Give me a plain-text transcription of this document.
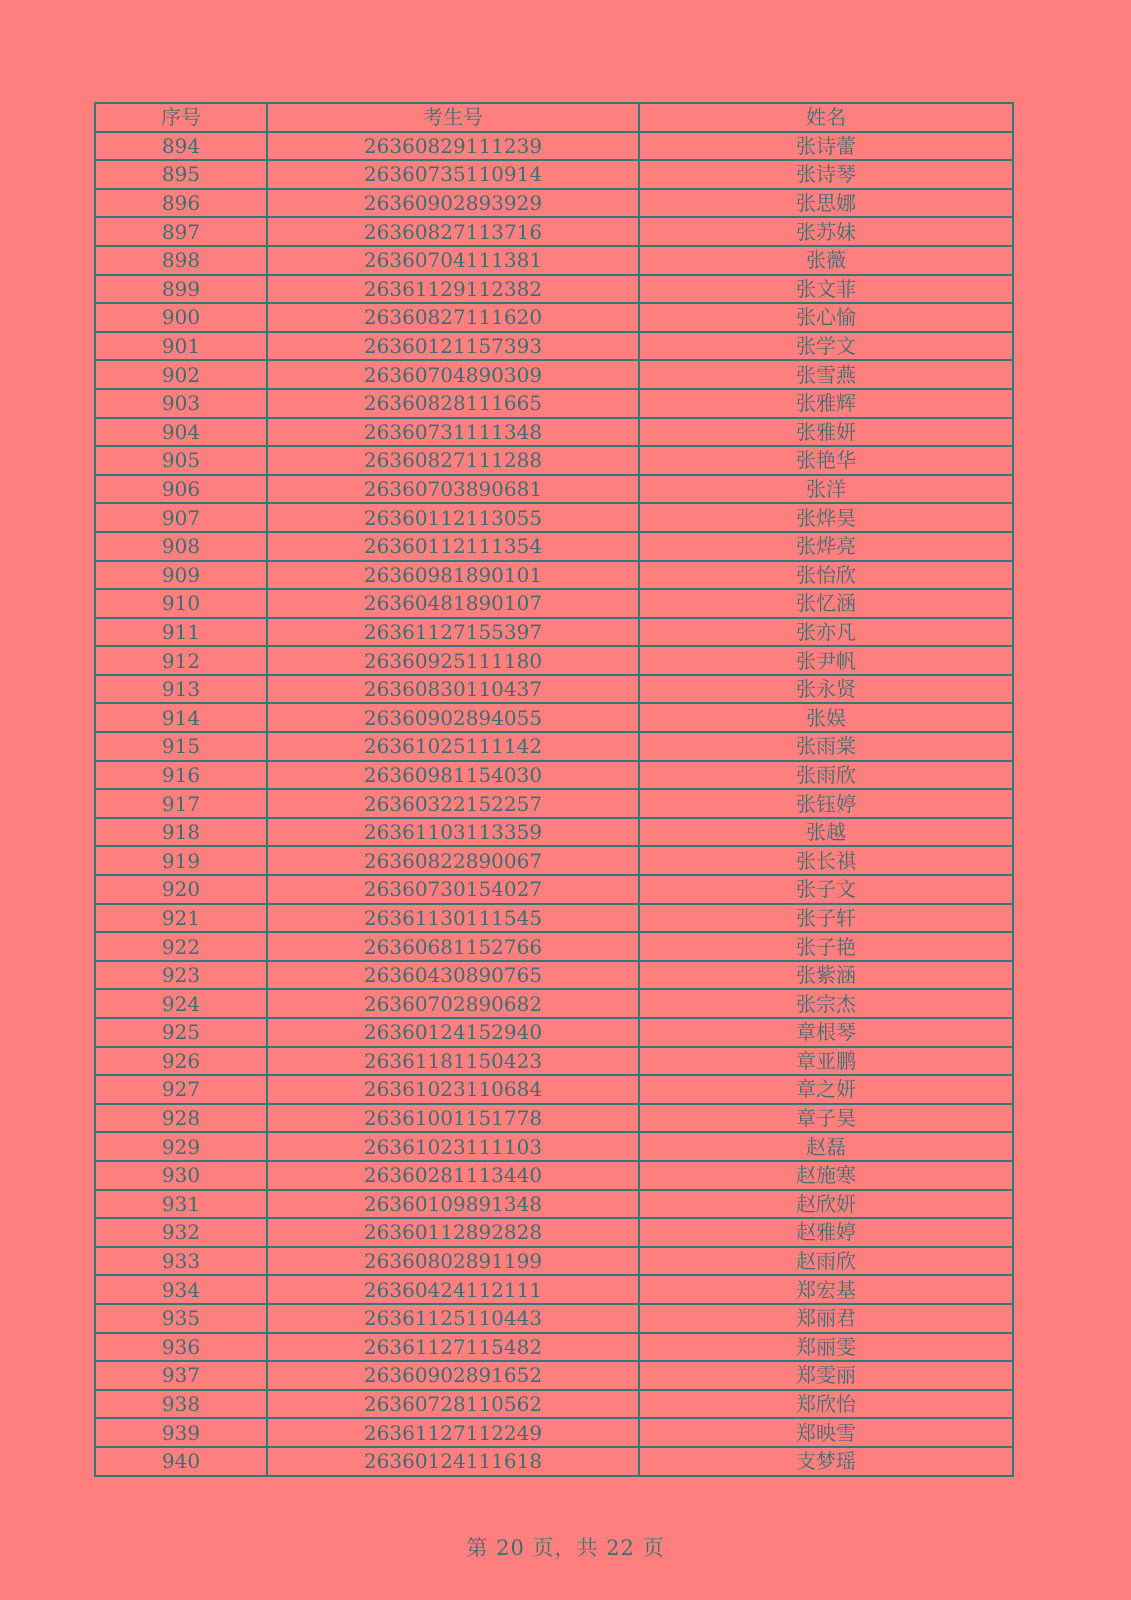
序号	考生号	姓名
894	26360829111239	张诗蕾
895	26360735110914	张诗琴
896	26360902893929	张思娜
897	26360827113716	张苏妹
898	26360704111381	张薇
899	26361129112382	张文菲
900	26360827111620	张心愉
901	26360121157393	张学文
902	26360704890309	张雪燕
903	26360828111665	张雅辉
904	26360731111348	张雅妍
905	26360827111288	张艳华
906	26360703890681	张洋
907	26360112113055	张烨昊
908	26360112111354	张烨亮
909	26360981890101	张怡欣
910	26360481890107	张忆涵
911	26361127155397	张亦凡
912	26360925111180	张尹帆
913	26360830110437	张永贤
914	26360902894055	张娱
915	26361025111142	张雨棠
916	26360981154030	张雨欣
917	26360322152257	张钰婷
918	26361103113359	张越
919	26360822890067	张长祺
920	26360730154027	张子文
921	26361130111545	张子轩
922	26360681152766	张子艳
923	26360430890765	张紫涵
924	26360702890682	张宗杰
925	26360124152940	章根琴
926	26361181150423	章亚鹏
927	26361023110684	章之妍
928	26361001151778	章子昊
929	26361023111103	赵磊
930	26360281113440	赵施寒
931	26360109891348	赵欣妍
932	26360112892828	赵雅婷
933	26360802891199	赵雨欣
934	26360424112111	郑宏基
935	26361125110443	郑丽君
936	26361127115482	郑丽雯
937	26360902891652	郑雯丽
938	26360728110562	郑欣怡
939	26361127112249	郑映雪
940	26360124111618	支梦瑶
第 20 页，共 22 页
